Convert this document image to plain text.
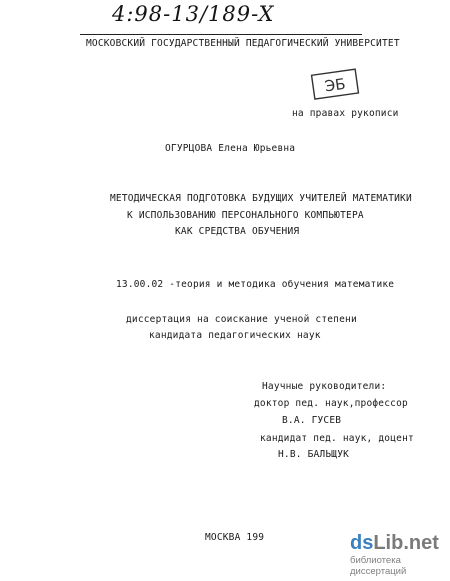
4:98-13/189-X
МОСКОВСКИЙ ГОСУДАРСТВЕННЫЙ ПЕДАГОГИЧЕСКИЙ УНИВЕРСИТЕТ
ЭБ
на правах рукописи
ОГУРЦОВА Елена Юрьевна
МЕТОДИЧЕСКАЯ ПОДГОТОВКА БУДУЩИХ УЧИТЕЛЕЙ МАТЕМАТИКИ
К ИСПОЛЬЗОВАНИЮ ПЕРСОНАЛЬНОГО КОМПЬЮТЕРА
КАК СРЕДСТВА ОБУЧЕНИЯ
13.00.02 -теория и методика обучения математике
диссертация на соискание ученой степени
кандидата педагогических наук
Научные руководители:
доктор пед. наук,профессор
В.А. ГУСЕВ
кандидат пед. наук, доцент
Н.В. БАЛЬЩУК
МОСКВА 199	dsLib.net
библиотека диссертаций
